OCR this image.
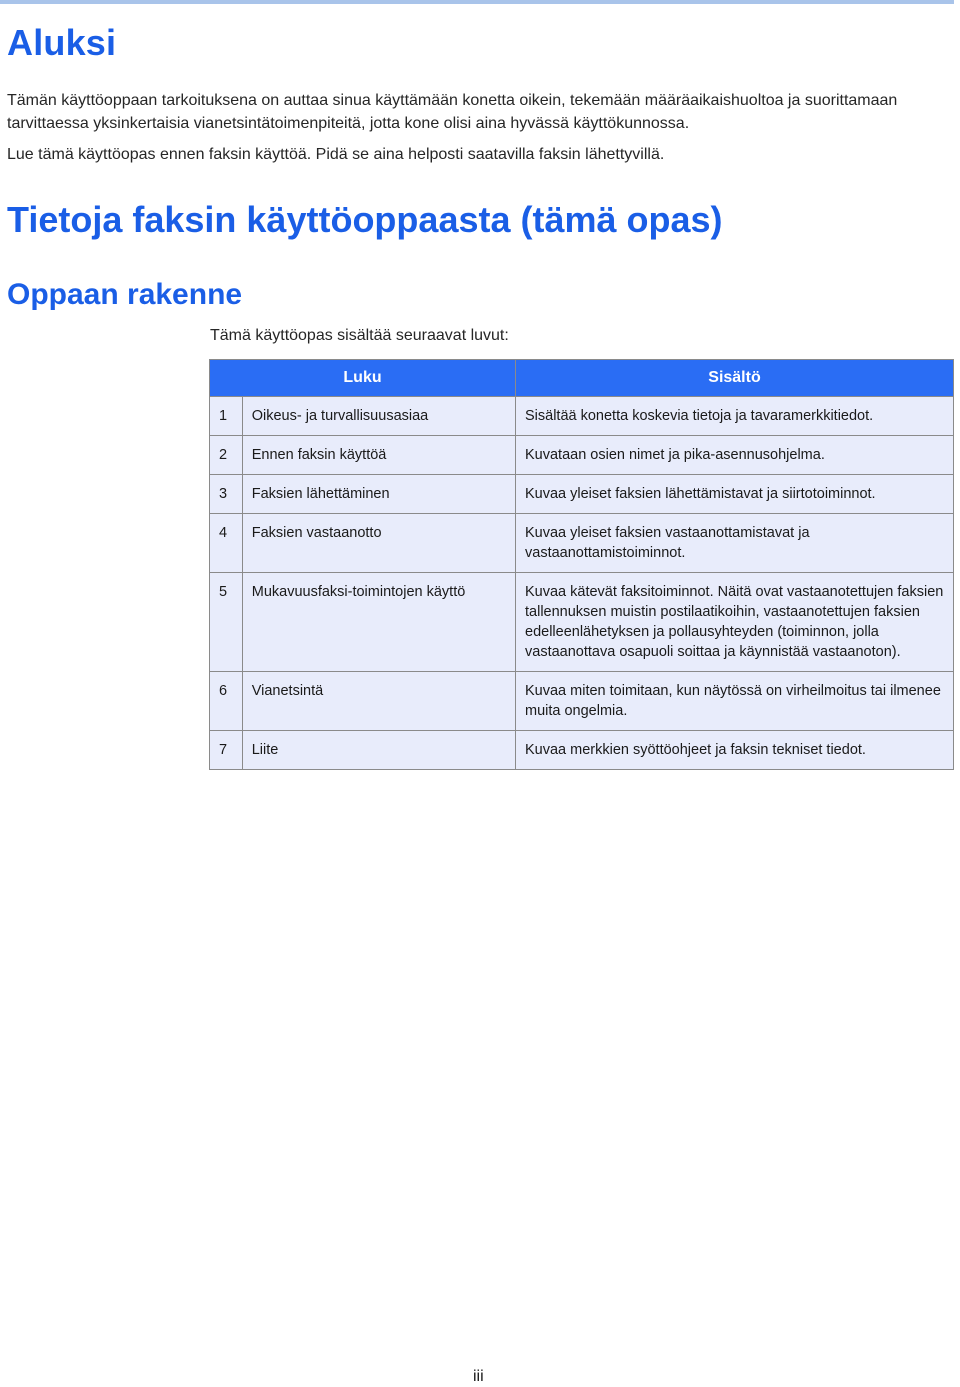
Aluksi

Tämän käyttöoppaan tarkoituksena on auttaa sinua käyttämään konetta oikein, tekemään määräaikaishuoltoa ja suorittamaan tarvittaessa yksinkertaisia vianetsintätoimenpiteitä, jotta kone olisi aina hyvässä käyttökunnossa.

Lue tämä käyttöopas ennen faksin käyttöä. Pidä se aina helposti saatavilla faksin lähettyvillä.

Tietoja faksin käyttöoppaasta (tämä opas)
Oppaan rakenne

Tämä käyttöopas sisältää seuraavat luvut:

Luku		Sisältö
1	Oikeus- ja turvallisuusasiaa	Sisältää konetta koskevia tietoja ja tavaramerkkitiedot.
2	Ennen faksin käyttöä	Kuvataan osien nimet ja pika-asennusohjelma.
3	Faksien lähettäminen	Kuvaa yleiset faksien lähettämistavat ja siirtotoiminnot.
4	Faksien vastaanotto	Kuvaa yleiset faksien vastaanottamistavat ja vastaanottamistoiminnot.
5	Mukavuusfaksi-toimintojen käyttö	Kuvaa kätevät faksitoiminnot. Näitä ovat vastaanotettujen faksien tallennuksen muistin postilaatikoihin, vastaanotettujen faksien edelleenlähetyksen ja pollausyhteyden (toiminnon, jolla vastaanottava osapuoli soittaa ja käynnistää vastaanoton).
6	Vianetsintä	Kuvaa miten toimitaan, kun näytössä on virheilmoitus tai ilmenee muita ongelmia.
7	Liite	Kuvaa merkkien syöttöohjeet ja faksin tekniset tiedot.
iii
